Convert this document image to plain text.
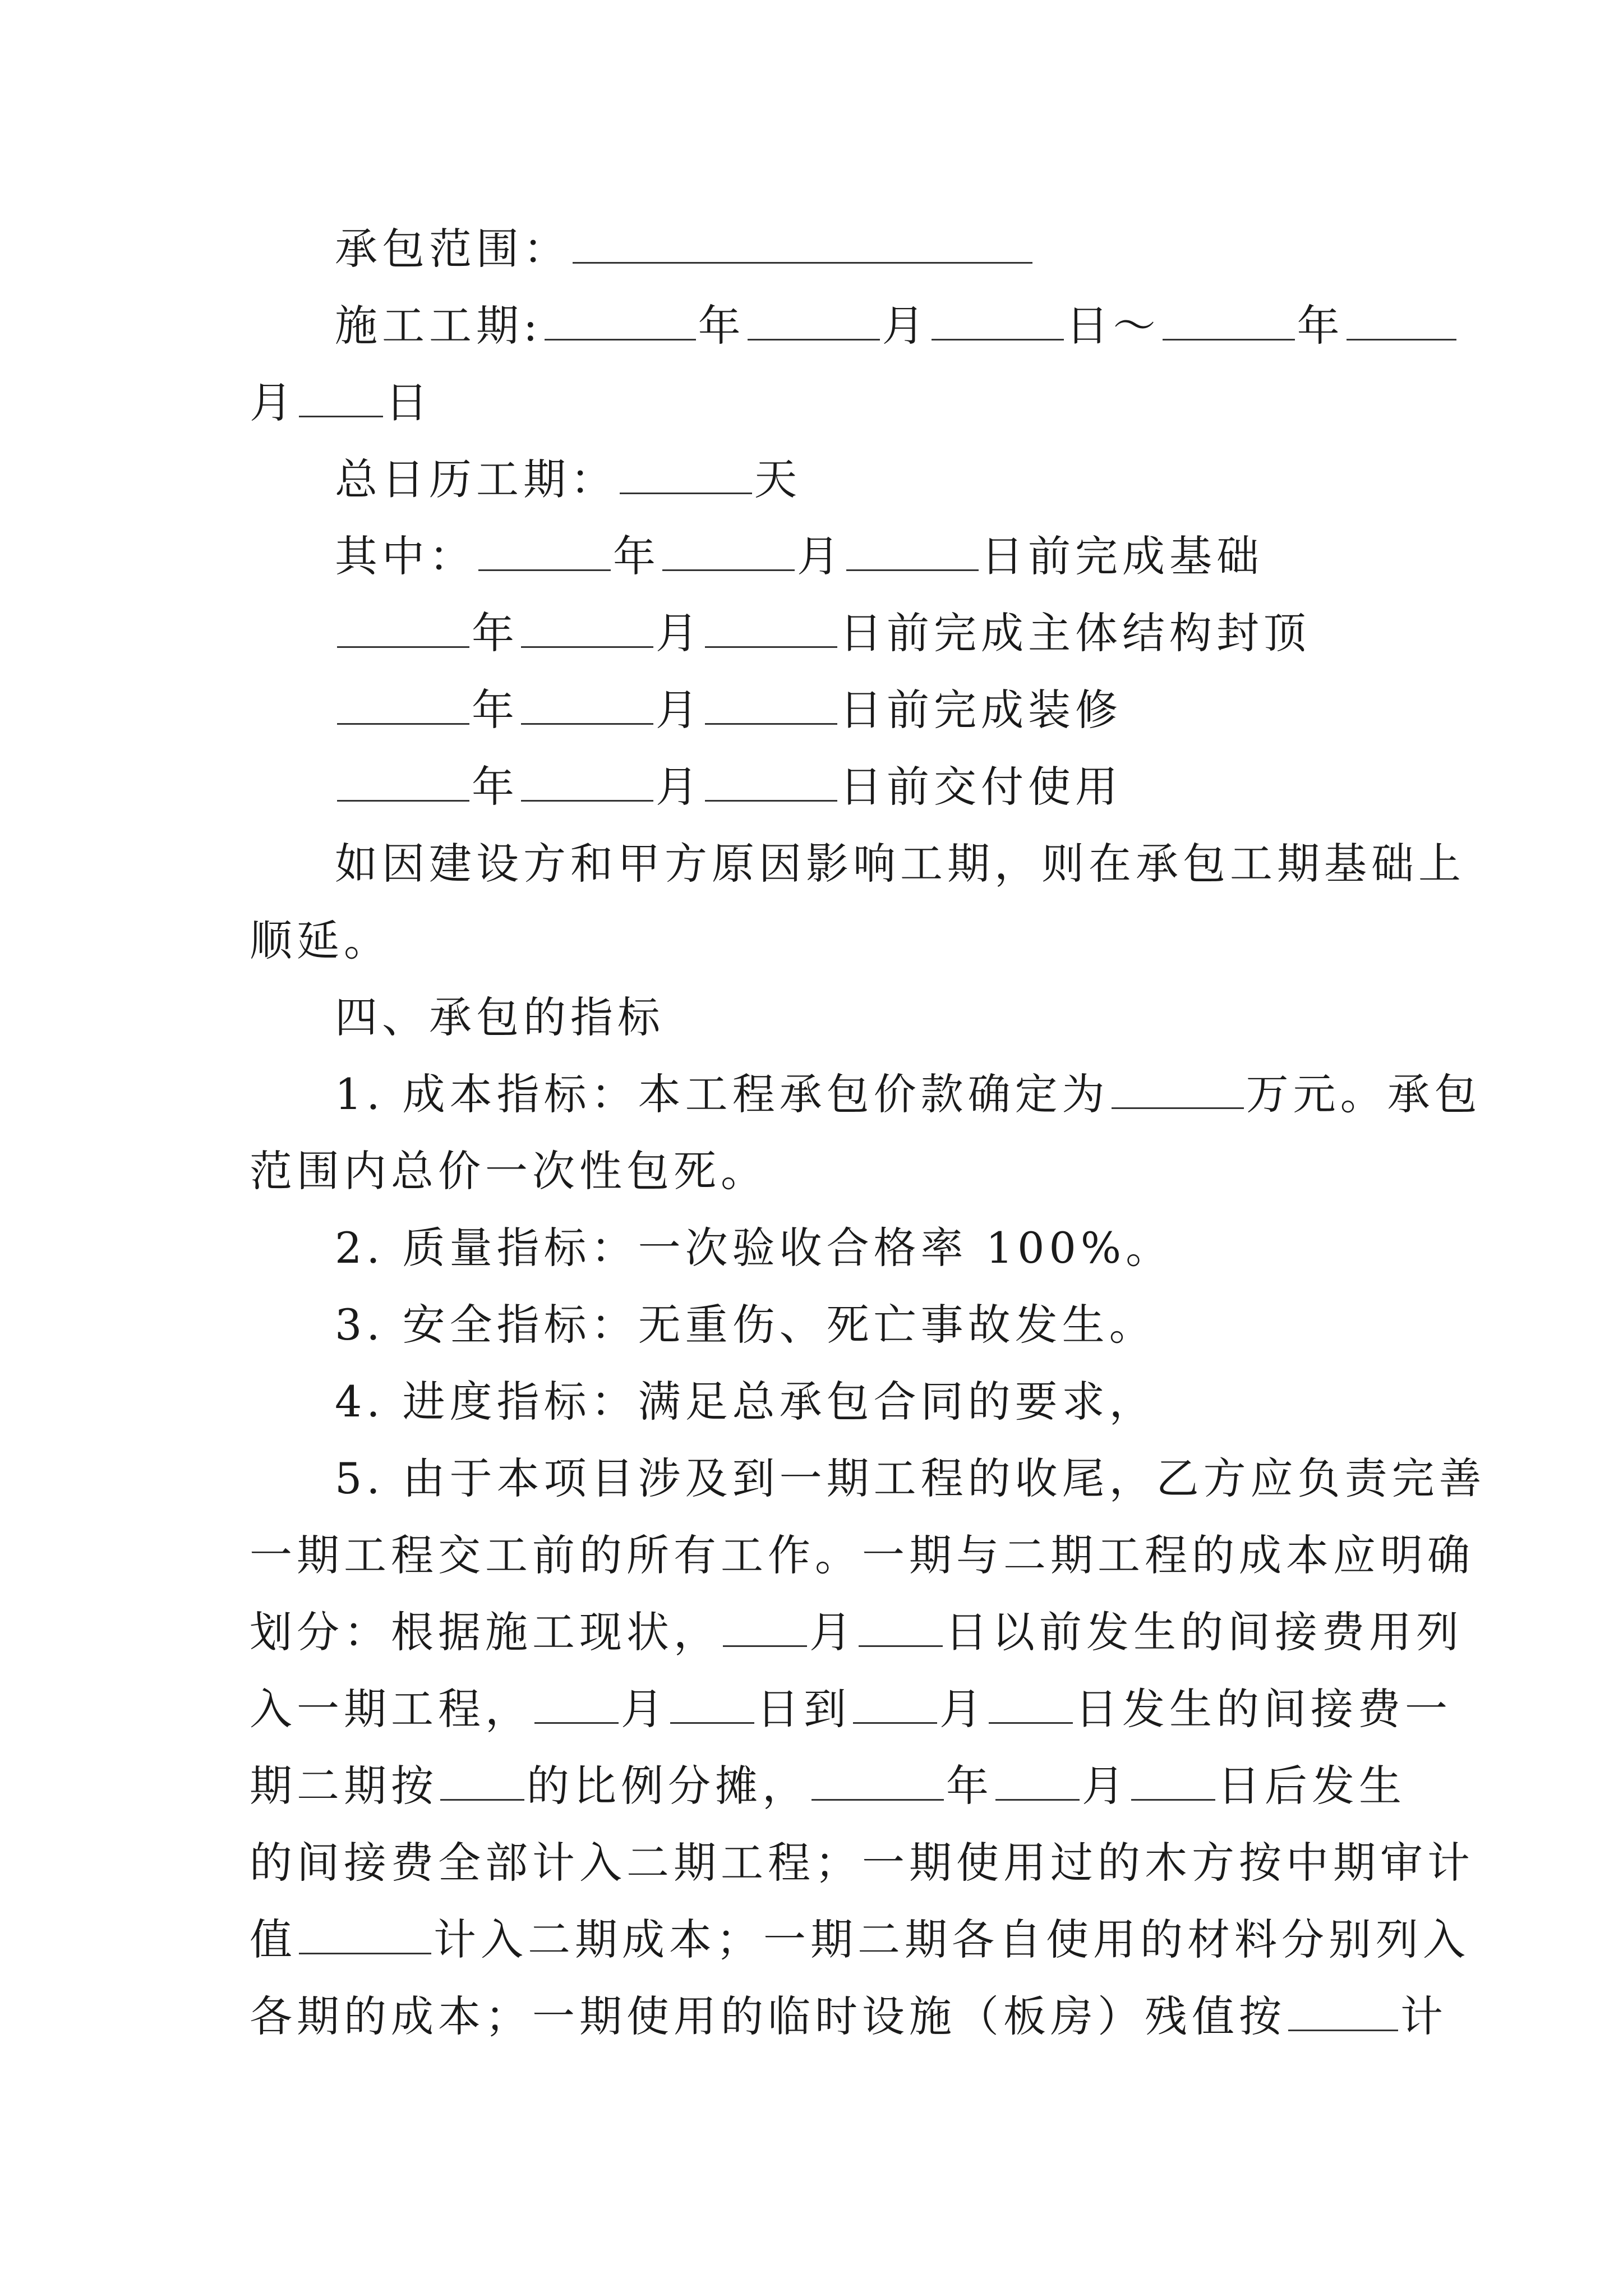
承包范围：
施工工期:	年	月	日～	年
月 日
总日历工期：	天
其中：	年	月	日前完成基础
年	月	日前完成主体结构封顶
年	月	日前完成装修
年	月	日前交付使用
如因建设方和甲方原因影响工期，则在承包工期基础上
顺延。
四、承包的指标
1. 成本指标：本工程承包价款确定为	万元。承包
范围内总价一次性包死。
2. 质量指标：一次验收合格率 100%。
3. 安全指标：无重伤、死亡事故发生。
4. 进度指标：满足总承包合同的要求，
5. 由于本项目涉及到一期工程的收尾，乙方应负责完善
一期工程交工前的所有工作。一期与二期工程的成本应明确
划分：根据施工现状， 月 日以前发生的间接费用列
入一期工程， 月 日到 月 日发生的间接费一
期二期按 的比例分摊，	年 月 日后发生
的间接费全部计入二期工程；一期使用过的木方按中期审计
值	计入二期成本；一期二期各自使用的材料分别列入
各期的成本；一期使用的临时设施（板房）残值按	计
